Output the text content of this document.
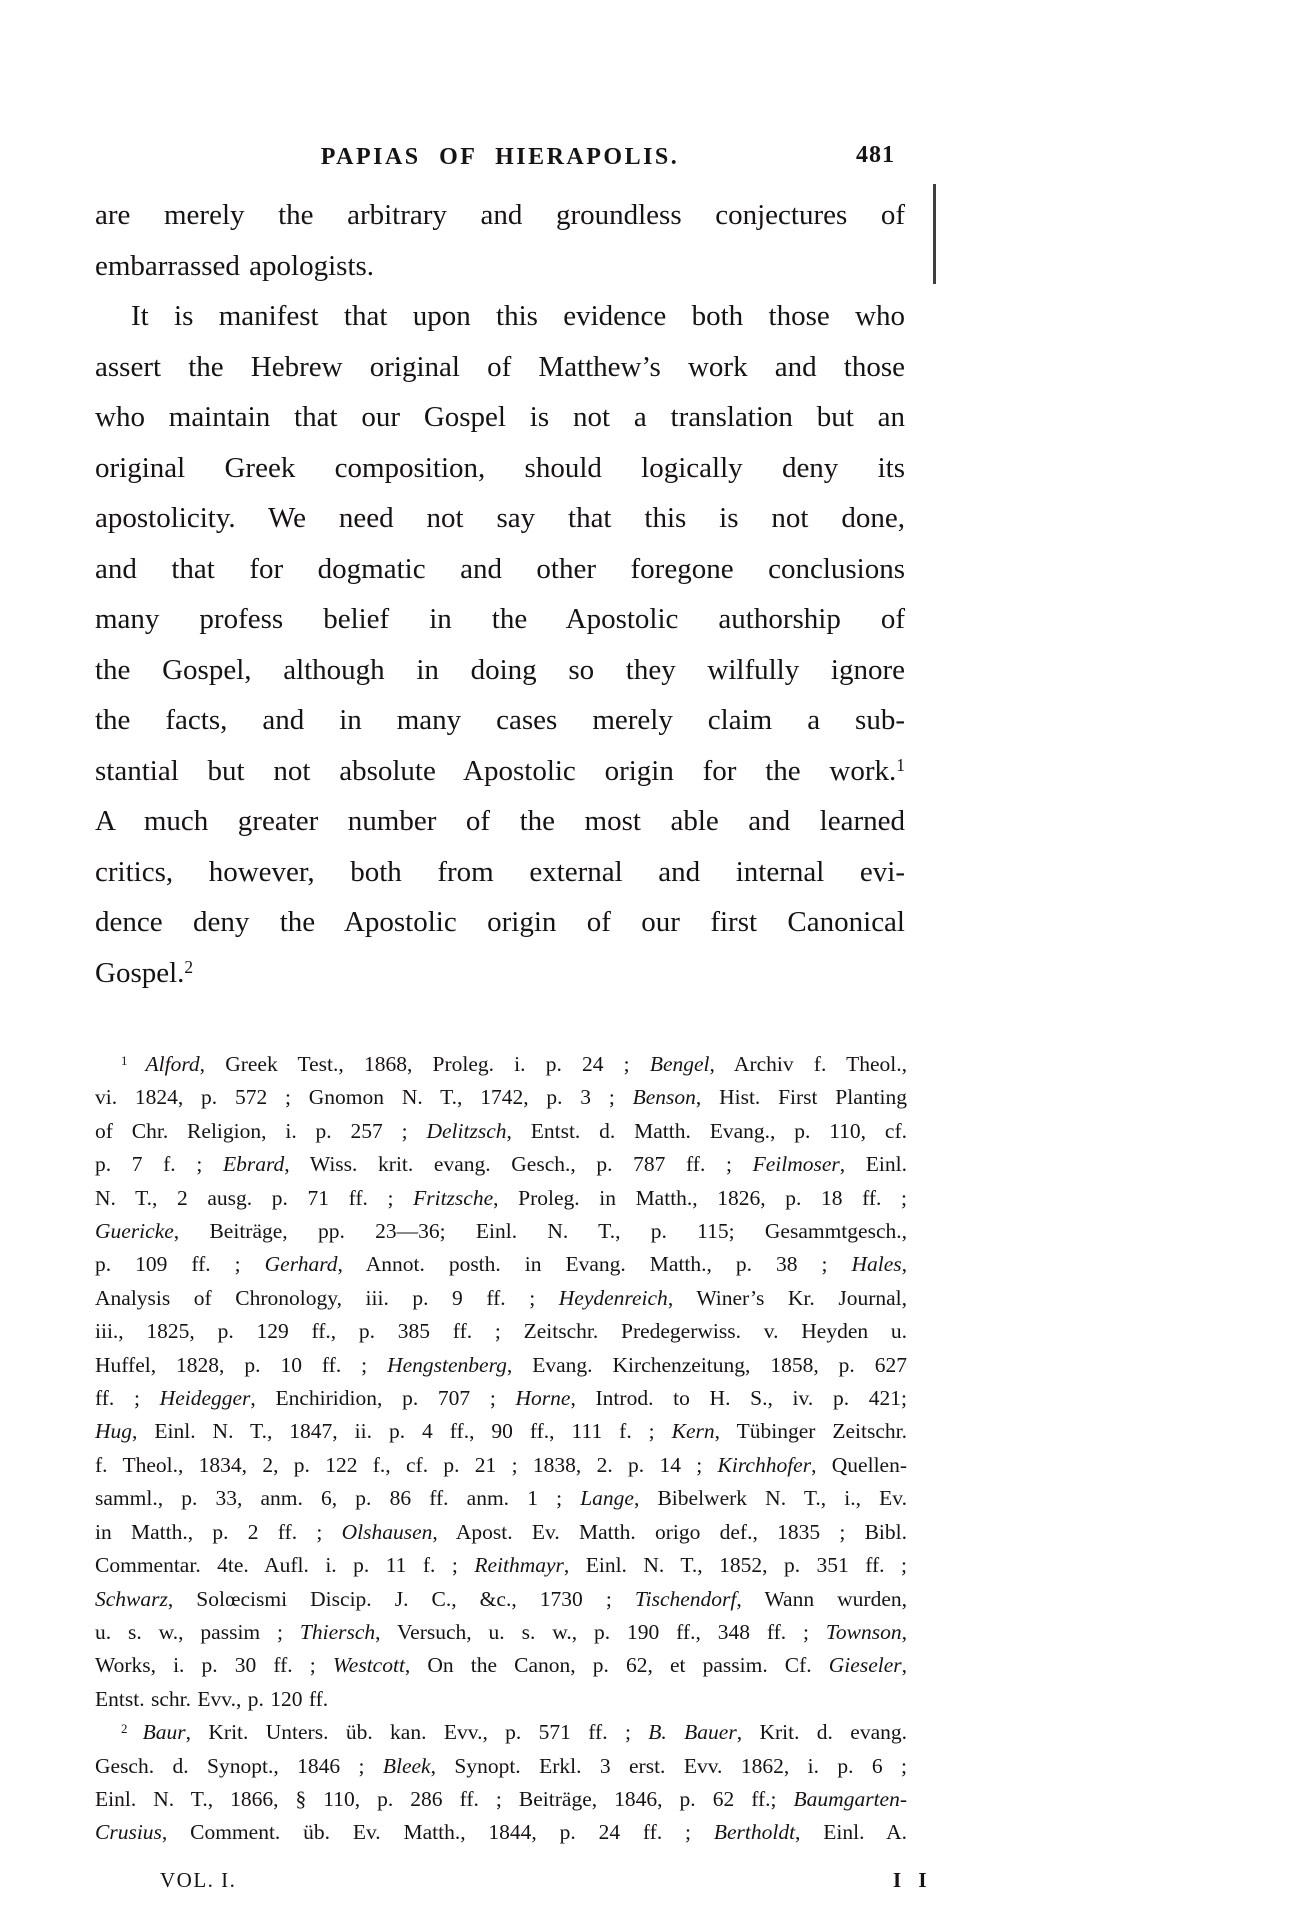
PAPIAS OF HIERAPOLIS.	481
are merely the arbitrary and groundless conjectures of
embarrassed apologists.
It is manifest that upon this evidence both those who
assert the Hebrew original of Matthew’s work and those
who maintain that our Gospel is not a translation but an
original Greek composition, should logically deny its
apostolicity. We need not say that this is not done,
and that for dogmatic and other foregone conclusions
many profess belief in the Apostolic authorship of
the Gospel, although in doing so they wilfully ignore
the facts, and in many cases merely claim a sub-
stantial but not absolute Apostolic origin for the work.$^1$
A much greater number of the most able and learned
critics, however, both from external and internal evi-
dence deny the Apostolic origin of our first Canonical
Gospel.$^2$
$^1$ Alford, Greek Test., 1868, Proleg. i. p. 24 ; Bengel, Archiv f. Theol.,
vi. 1824, p. 572 ; Gnomon N. T., 1742, p. 3 ; Benson, Hist. First Planting
of Chr. Religion, i. p. 257 ; Delitzsch, Entst. d. Matth. Evang., p. 110, cf.
p. 7 f. ; Ebrard, Wiss. krit. evang. Gesch., p. 787 ff. ; Feilmoser, Einl.
N. T., 2 ausg. p. 71 ff. ; Fritzsche, Proleg. in Matth., 1826, p. 18 ff. ;
Guericke, Beiträge, pp. 23—36; Einl. N. T., p. 115; Gesammtgesch.,
p. 109 ff. ; Gerhard, Annot. posth. in Evang. Matth., p. 38 ; Hales,
Analysis of Chronology, iii. p. 9 ff. ; Heydenreich, Winer’s Kr. Journal,
iii., 1825, p. 129 ff., p. 385 ff. ; Zeitschr. Predegerwiss. v. Heyden u.
Huffel, 1828, p. 10 ff. ; Hengstenberg, Evang. Kirchenzeitung, 1858, p. 627
ff. ; Heidegger, Enchiridion, p. 707 ; Horne, Introd. to H. S., iv. p. 421;
Hug, Einl. N. T., 1847, ii. p. 4 ff., 90 ff., 111 f. ; Kern, Tübinger Zeitschr.
f. Theol., 1834, 2, p. 122 f., cf. p. 21 ; 1838, 2. p. 14 ; Kirchhofer, Quellen-
samml., p. 33, anm. 6, p. 86 ff. anm. 1 ; Lange, Bibelwerk N. T., i., Ev.
in Matth., p. 2 ff. ; Olshausen, Apost. Ev. Matth. origo def., 1835 ; Bibl.
Commentar. 4te. Aufl. i. p. 11 f. ; Reithmayr, Einl. N. T., 1852, p. 351 ff. ;
Schwarz, Solœcismi Discip. J. C., &c., 1730 ; Tischendorf, Wann wurden,
u. s. w., passim ; Thiersch, Versuch, u. s. w., p. 190 ff., 348 ff. ; Townson,
Works, i. p. 30 ff. ; Westcott, On the Canon, p. 62, et passim. Cf. Gieseler,
Entst. schr. Evv., p. 120 ff.
$^2$ Baur, Krit. Unters. üb. kan. Evv., p. 571 ff. ; B. Bauer, Krit. d. evang.
Gesch. d. Synopt., 1846 ; Bleek, Synopt. Erkl. 3 erst. Evv. 1862, i. p. 6 ;
Einl. N. T., 1866, § 110, p. 286 ff. ; Beiträge, 1846, p. 62 ff.; Baumgarten-
Crusius, Comment. üb. Ev. Matth., 1844, p. 24 ff. ; Bertholdt, Einl. A.
VOL. I.	I I
